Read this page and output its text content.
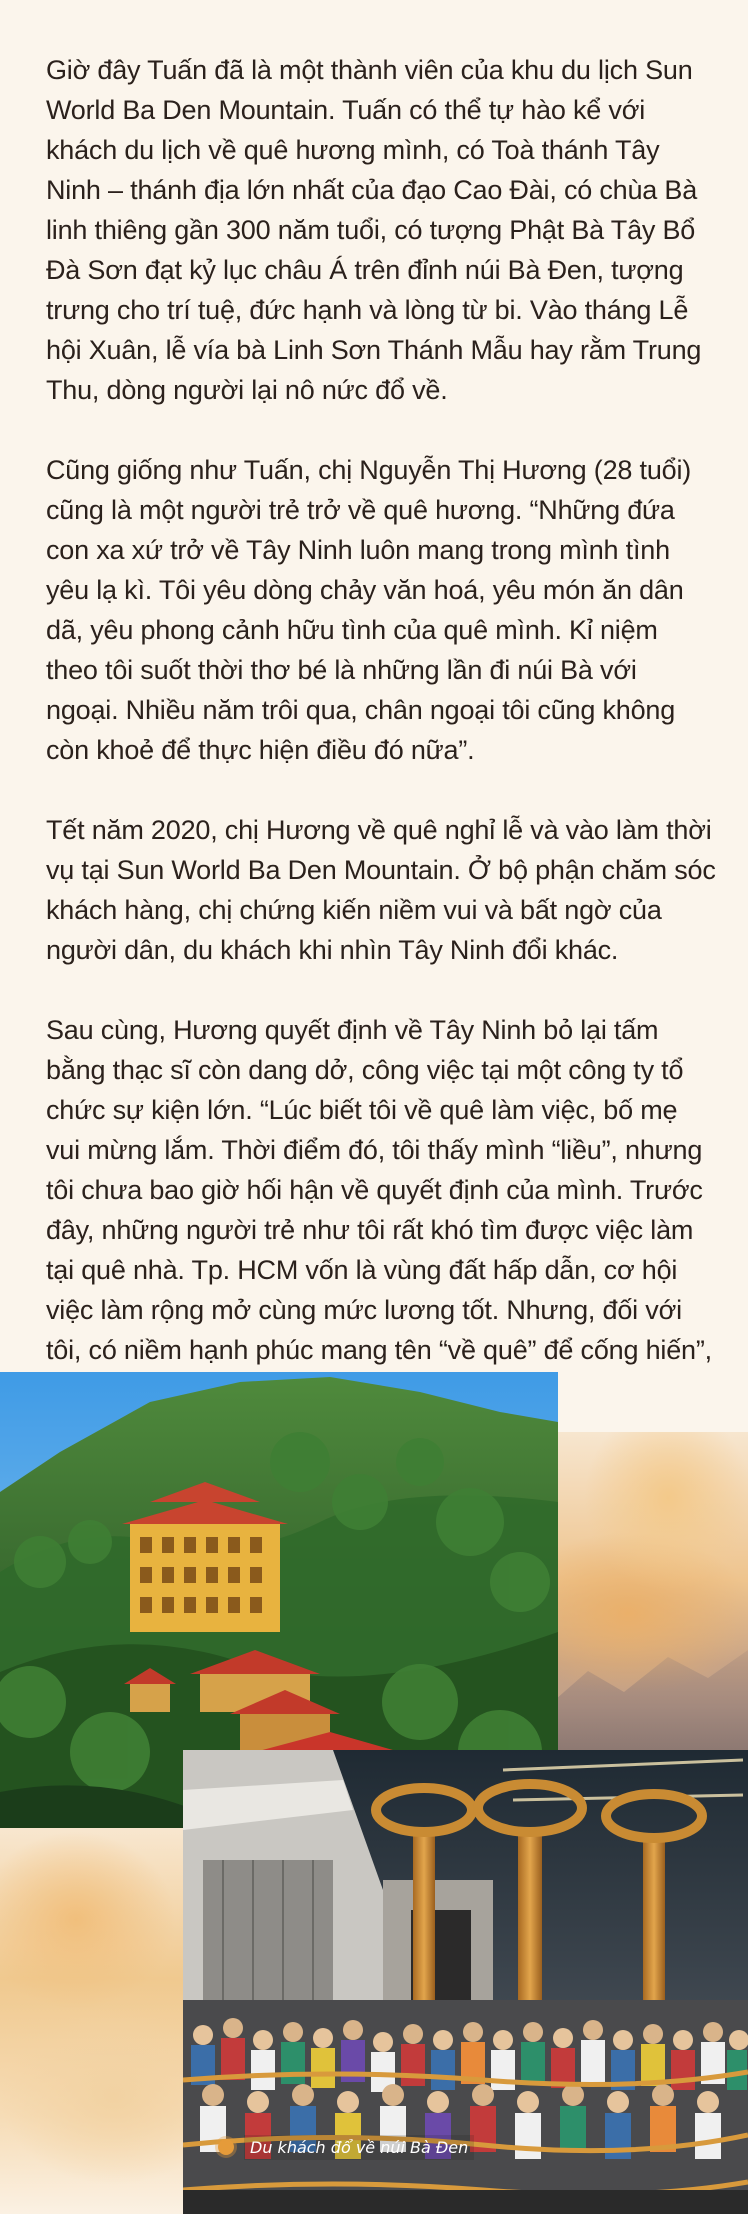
Giờ đây Tuấn đã là một thành viên của khu du lịch Sun World Ba Den Mountain. Tuấn có thể tự hào kể với khách du lịch về quê hương mình, có Toà thánh Tây Ninh – thánh địa lớn nhất của đạo Cao Đài, có chùa Bà linh thiêng gần 300 năm tuổi, có tượng Phật Bà Tây Bổ Đà Sơn đạt kỷ lục châu Á trên đỉnh núi Bà Đen, tượng trưng cho trí tuệ, đức hạnh và lòng từ bi. Vào tháng Lễ hội Xuân, lễ vía bà Linh Sơn Thánh Mẫu hay rằm Trung Thu, dòng người lại nô nức đổ về.

Cũng giống như Tuấn, chị Nguyễn Thị Hương (28 tuổi) cũng là một người trẻ trở về quê hương. “Những đứa con xa xứ trở về Tây Ninh luôn mang trong mình tình yêu lạ kì. Tôi yêu dòng chảy văn hoá, yêu món ăn dân dã, yêu phong cảnh hữu tình của quê mình. Kỉ niệm theo tôi suốt thời thơ bé là những lần đi núi Bà với ngoại. Nhiều năm trôi qua, chân ngoại tôi cũng không còn khoẻ để thực hiện điều đó nữa”.

Tết năm 2020, chị Hương về quê nghỉ lễ và vào làm thời vụ tại Sun World Ba Den Mountain. Ở bộ phận chăm sóc khách hàng, chị chứng kiến niềm vui và bất ngờ của người dân, du khách khi nhìn Tây Ninh đổi khác.

Sau cùng, Hương quyết định về Tây Ninh bỏ lại tấm bằng thạc sĩ còn dang dở, công việc tại một công ty tổ chức sự kiện lớn. “Lúc biết tôi về quê làm việc, bố mẹ vui mừng lắm. Thời điểm đó, tôi thấy mình “liều”, nhưng tôi chưa bao giờ hối hận về quyết định của mình. Trước đây, những người trẻ như tôi rất khó tìm được việc làm tại quê nhà. Tp. HCM vốn là vùng đất hấp dẫn, cơ hội việc làm rộng mở cùng mức lương tốt. Nhưng, đối với tôi, có niềm hạnh phúc mang tên “về quê” để cống hiến”,

Du khách đổ về núi Bà Đen
